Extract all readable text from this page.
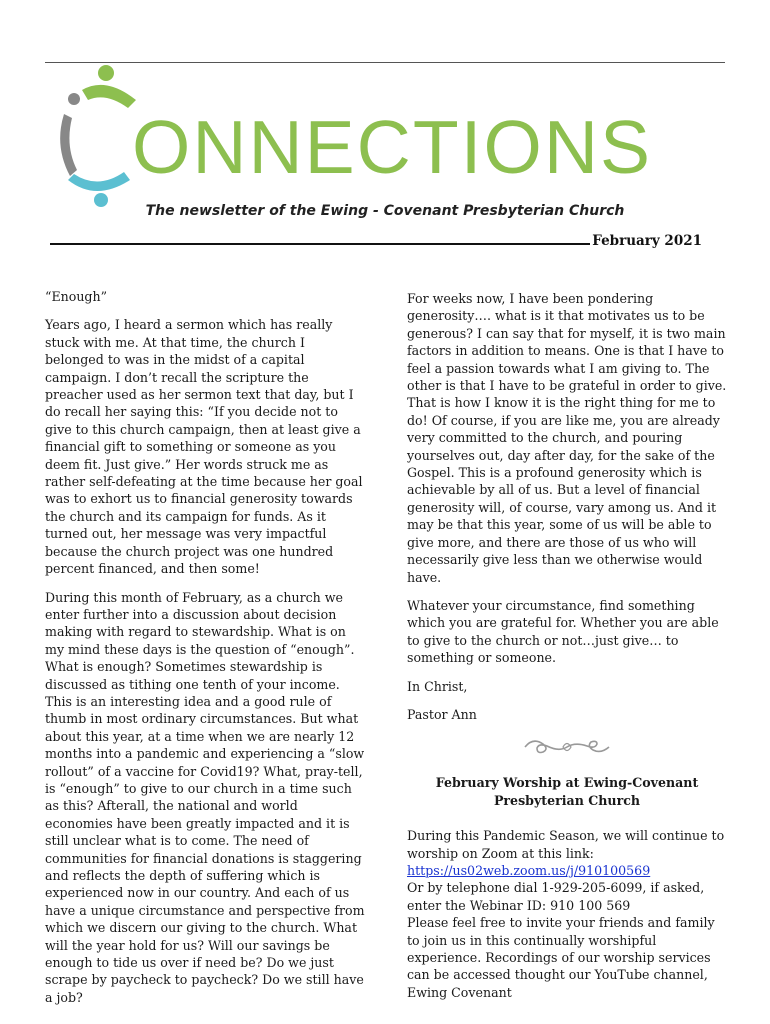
ONNECTIONS
The newsletter of the Ewing - Covenant Presbyterian Church
February 2021

“Enough”

Years ago, I heard a sermon which has really stuck with me. At that time, the church I belonged to was in the midst of a capital campaign. I don’t recall the scripture the preacher used as her sermon text that day, but I do recall her saying this: “If you decide not to give to this church campaign, then at least give a financial gift to something or someone as you deem fit. Just give.” Her words struck me as rather self-defeating at the time because her goal was to exhort us to financial generosity towards the church and its campaign for funds. As it turned out, her message was very impactful because the church project was one hundred percent financed, and then some!

During this month of February, as a church we enter further into a discussion about decision making with regard to stewardship. What is on my mind these days is the question of “enough”. What is enough? Sometimes stewardship is discussed as tithing one tenth of your income. This is an interesting idea and a good rule of thumb in most ordinary circumstances. But what about this year, at a time when we are nearly 12 months into a pandemic and experiencing a “slow rollout” of a vaccine for Covid19? What, pray-tell, is “enough” to give to our church in a time such as this? Afterall, the national and world economies have been greatly impacted and it is still unclear what is to come. The need of communities for financial donations is staggering and reflects the depth of suffering which is experienced now in our country. And each of us have a unique circumstance and perspective from which we discern our giving to the church. What will the year hold for us? Will our savings be enough to tide us over if need be? Do we just scrape by paycheck to paycheck? Do we still have a job?

For weeks now, I have been pondering generosity…. what is it that motivates us to be generous? I can say that for myself, it is two main factors in addition to means. One is that I have to feel a passion towards what I am giving to. The other is that I have to be grateful in order to give. That is how I know it is the right thing for me to do! Of course, if you are like me, you are already very committed to the church, and pouring yourselves out, day after day, for the sake of the Gospel. This is a profound generosity which is achievable by all of us. But a level of financial generosity will, of course, vary among us. And it may be that this year, some of us will be able to give more, and there are those of us who will necessarily give less than we otherwise would have.

Whatever your circumstance, find something which you are grateful for. Whether you are able to give to the church or not…just give… to something or someone.

In Christ,

Pastor Ann

February Worship at Ewing-Covenant
Presbyterian Church
During this Pandemic Season, we will continue to worship on Zoom at this link:
https://us02web.zoom.us/j/910100569
Or by telephone dial 1-929-205-6099, if asked, enter the Webinar ID: 910 100 569
Please feel free to invite your friends and family to join us in this continually worshipful experience. Recordings of our worship services can be accessed thought our YouTube channel, Ewing Covenant
